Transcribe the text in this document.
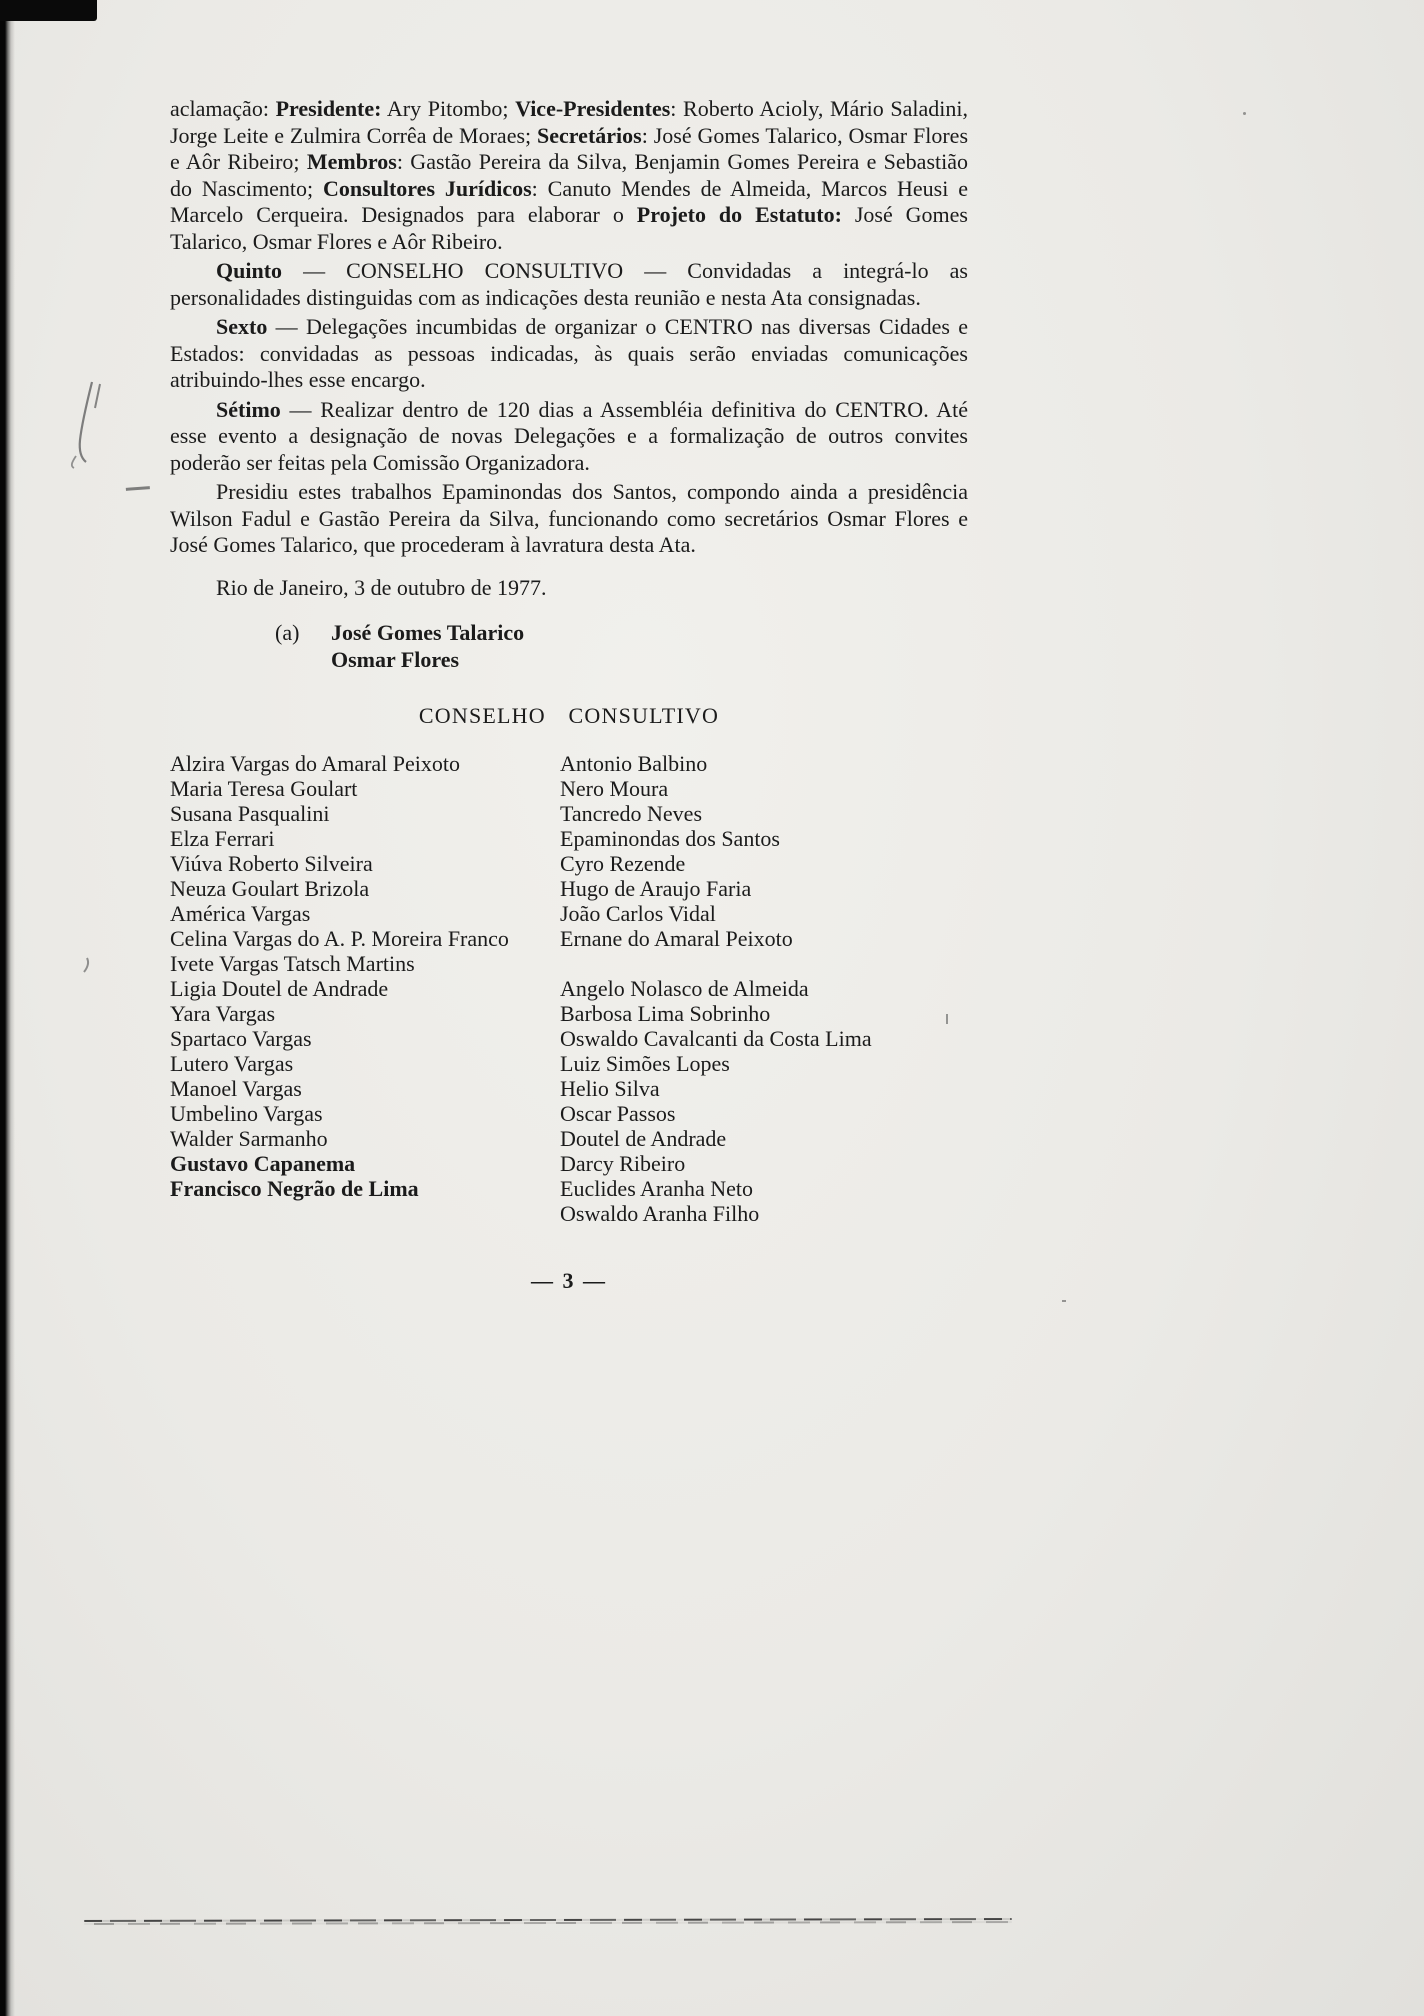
aclamação: Presidente: Ary Pitombo; Vice-Presidentes: Roberto Acioly, Mário Saladini, Jorge Leite e Zulmira Corrêa de Moraes; Secretários: José Gomes Talarico, Osmar Flores e Aôr Ribeiro; Membros: Gastão Pereira da Silva, Benjamin Gomes Pereira e Sebastião do Nascimento; Consultores Jurídicos: Canuto Mendes de Almeida, Marcos Heusi e Marcelo Cerqueira. Designados para elaborar o Projeto do Estatuto: José Gomes Talarico, Osmar Flores e Aôr Ribeiro.

Quinto — CONSELHO CONSULTIVO — Convidadas a integrá-lo as personalidades distinguidas com as indicações desta reunião e nesta Ata consignadas.

Sexto — Delegações incumbidas de organizar o CENTRO nas diversas Cidades e Estados: convidadas as pessoas indicadas, às quais serão enviadas comunicações atribuindo-lhes esse encargo.

Sétimo — Realizar dentro de 120 dias a Assembléia definitiva do CENTRO. Até esse evento a designação de novas Delegações e a formalização de outros convites poderão ser feitas pela Comissão Organizadora.

Presidiu estes trabalhos Epaminondas dos Santos, compondo ainda a presidência Wilson Fadul e Gastão Pereira da Silva, funcionando como secretários Osmar Flores e José Gomes Talarico, que procederam à lavratura desta Ata.

Rio de Janeiro, 3 de outubro de 1977.

(a)	José Gomes Talarico
Osmar Flores
CONSELHO CONSULTIVO
Alzira Vargas do Amaral Peixoto
Maria Teresa Goulart
Susana Pasqualini
Elza Ferrari
Viúva Roberto Silveira
Neuza Goulart Brizola
América Vargas
Celina Vargas do A. P. Moreira Franco
Ivete Vargas Tatsch Martins
Ligia Doutel de Andrade
Yara Vargas
Spartaco Vargas
Lutero Vargas
Manoel Vargas
Umbelino Vargas
Walder Sarmanho
Gustavo Capanema
Francisco Negrão de Lima
Antonio Balbino
Nero Moura
Tancredo Neves
Epaminondas dos Santos
Cyro Rezende
Hugo de Araujo Faria
João Carlos Vidal
Ernane do Amaral Peixoto
Angelo Nolasco de Almeida
Barbosa Lima Sobrinho
Oswaldo Cavalcanti da Costa Lima
Luiz Simões Lopes
Helio Silva
Oscar Passos
Doutel de Andrade
Darcy Ribeiro
Euclides Aranha Neto
Oswaldo Aranha Filho
— 3 —
